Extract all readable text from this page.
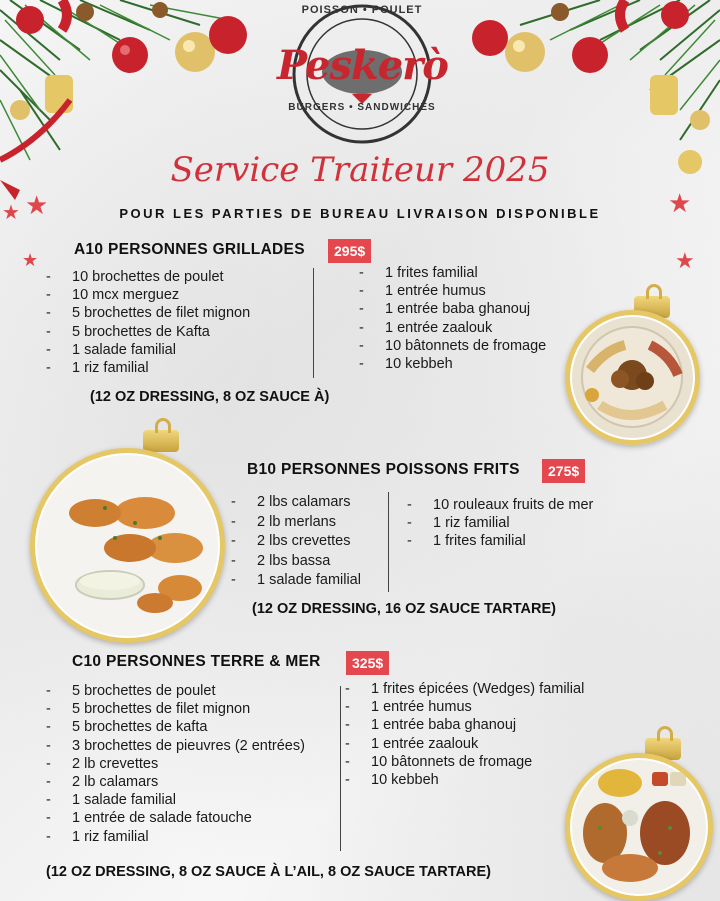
★
★
★
★
★
POISSON • POULET
Peskerò
BURGERS • SANDWICHES
Service Traiteur 2025
POUR LES PARTIES DE BUREAU LIVRAISON DISPONIBLE
A10 PERSONNES GRILLADES	295$
- 10 brochettes de poulet
- 10 mcx merguez
- 5 brochettes de filet mignon
- 5 brochettes de Kafta
- 1 salade familial
- 1 riz familial
- 1 frites familial
- 1 entrée humus
- 1 entrée baba ghanouj
- 1 entrée zaalouk
- 10 bâtonnets de fromage
- 10 kebbeh
(12 OZ DRESSING, 8 OZ SAUCE À)
B10 PERSONNES POISSONS FRITS	275$
- 2 lbs calamars
- 2 lb merlans
- 2 lbs crevettes
- 2 lbs bassa
- 1 salade familial
- 10 rouleaux fruits de mer
- 1 riz familial
- 1 frites familial
(12 OZ DRESSING, 16 OZ SAUCE TARTARE)
C10 PERSONNES TERRE & MER	325$
- 5 brochettes de poulet
- 5 brochettes de filet mignon
- 5 brochettes de kafta
- 3 brochettes de pieuvres (2 entrées)
- 2 lb crevettes
- 2 lb calamars
- 1 salade familial
- 1 entrée de salade fatouche
- 1 riz familial
- 1 frites épicées (Wedges) familial
- 1 entrée humus
- 1 entrée baba ghanouj
- 1 entrée zaalouk
- 10 bâtonnets de fromage
- 10 kebbeh
(12 OZ DRESSING, 8 OZ SAUCE À L’AIL, 8 OZ SAUCE TARTARE)
